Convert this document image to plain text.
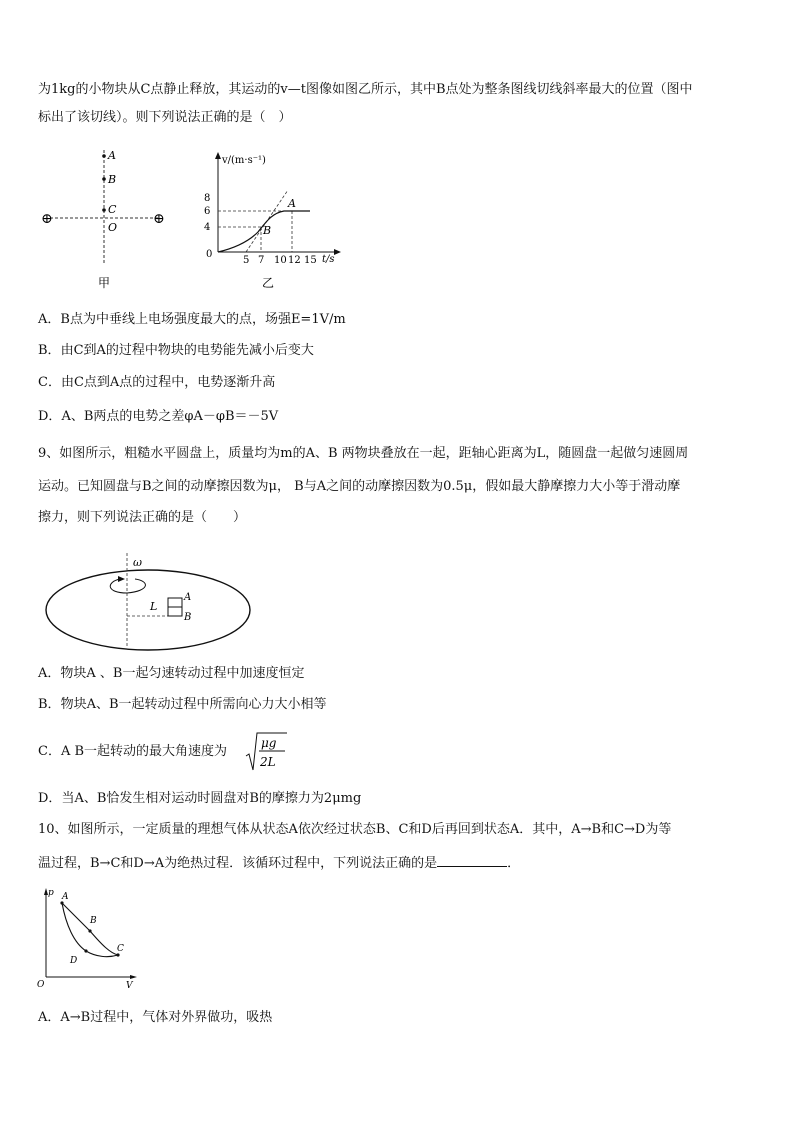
为1kg的小物块从C点静止释放，其运动的v—t图像如图乙所示，其中B点处为整条图线切线斜率最大的位置（图中
标出了该切线）。则下列说法正确的是（　）
A
B
C
O
⊕	⊕
甲
v/(m·s⁻¹)
t/s
8
6
4
0
5 7 10 12 15
A
B
乙
A．B点为中垂线上电场强度最大的点，场强E=1V/m
B．由C到A的过程中物块的电势能先减小后变大
C．由C点到A点的过程中，电势逐渐升高
D．A、B两点的电势之差φA－φB＝－5V
9、如图所示，粗糙水平圆盘上，质量均为m的A、B 两物块叠放在一起，距轴心距离为L，随圆盘一起做匀速圆周
运动。已知圆盘与B之间的动摩擦因数为μ， B与A之间的动摩擦因数为0.5μ，假如最大静摩擦力大小等于滑动摩
擦力，则下列说法正确的是（　　）
ω
L
A
B
A．物块A 、B一起匀速转动过程中加速度恒定
B．物块A、B一起转动过程中所需向心力大小相等
C．A B一起转动的最大角速度为
μg
2L
D．当A、B恰发生相对运动时圆盘对B的摩擦力为2μmg
10、如图所示，一定质量的理想气体从状态A依次经过状态B、C和D后再回到状态A．其中，A→B和C→D为等
温过程，B→C和D→A为绝热过程．该循环过程中，下列说法正确的是	．
p
V
O
A
B
C
D
A．A→B过程中，气体对外界做功，吸热
